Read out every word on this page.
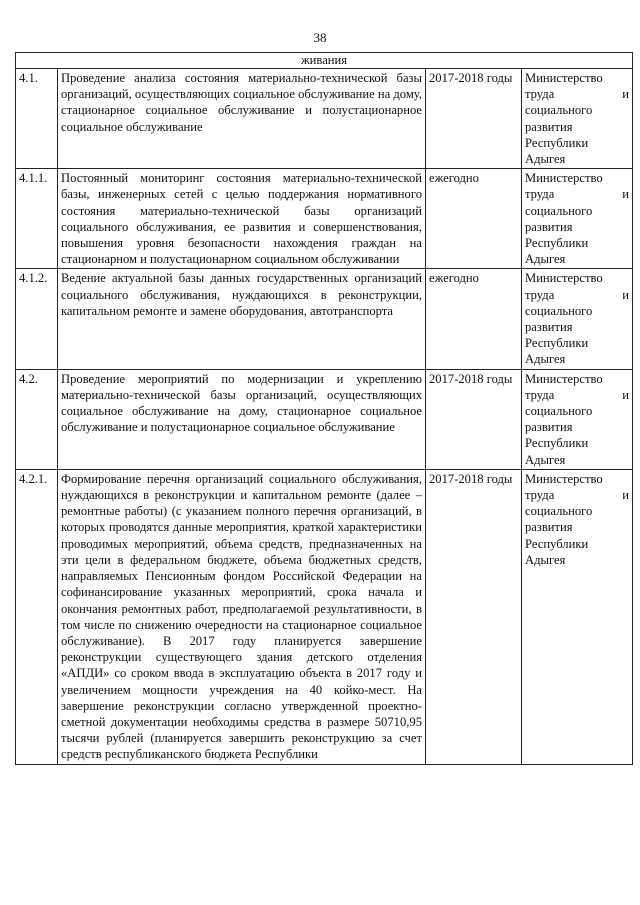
38
живания			
4.1.	Проведение анализа состояния материально-технической базы организаций, осуществляющих социальное обслуживание на дому, стационарное социальное обслуживание и полустационарное социальное обслуживание	2017-2018 годы	Министерство труда и социального развития Республики Адыгея
4.1.1.	Постоянный мониторинг состояния материально-технической базы, инженерных сетей с целью поддержания нормативного состояния материально-технической базы организаций социального обслуживания, ее развития и совершенствования, повышения уровня безопасности нахождения граждан на стационарном и полустационарном социальном обслуживании	ежегодно	Министерство труда и социального развития Республики Адыгея
4.1.2.	Ведение актуальной базы данных государственных организаций социального обслуживания, нуждающихся в реконструкции, капитальном ремонте и замене оборудования, автотранспорта	ежегодно	Министерство труда и социального развития Республики Адыгея
4.2.	Проведение мероприятий по модернизации и укреплению материально-технической базы организаций, осуществляющих социальное обслуживание на дому, стационарное социальное обслуживание и полустационарное социальное обслуживание	2017-2018 годы	Министерство труда и социального развития Республики Адыгея
4.2.1.	Формирование перечня организаций социального обслуживания, нуждающихся в реконструкции и капитальном ремонте (далее – ремонтные работы) (с указанием полного перечня организаций, в которых проводятся данные мероприятия, краткой характеристики проводимых мероприятий, объема средств, предназначенных на эти цели в федеральном бюджете, объема бюджетных средств, направляемых Пенсионным фондом Российской Федерации на софинансирование указанных мероприятий, срока начала и окончания ремонтных работ, предполагаемой результативности, в том числе по снижению очередности на стационарное социальное обслуживание). В 2017 году планируется завершение реконструкции существующего здания детского отделения «АПДИ» со сроком ввода в эксплуатацию объекта в 2017 году и увеличением мощности учреждения на 40 койко-мест. На завершение реконструкции согласно утвержденной проектно-сметной документации необходимы средства в размере 50710,95 тысячи рублей (планируется завершить реконструкцию за счет средств республиканского бюджета Республики	2017-2018 годы	Министерство труда и социального развития Республики Адыгея
